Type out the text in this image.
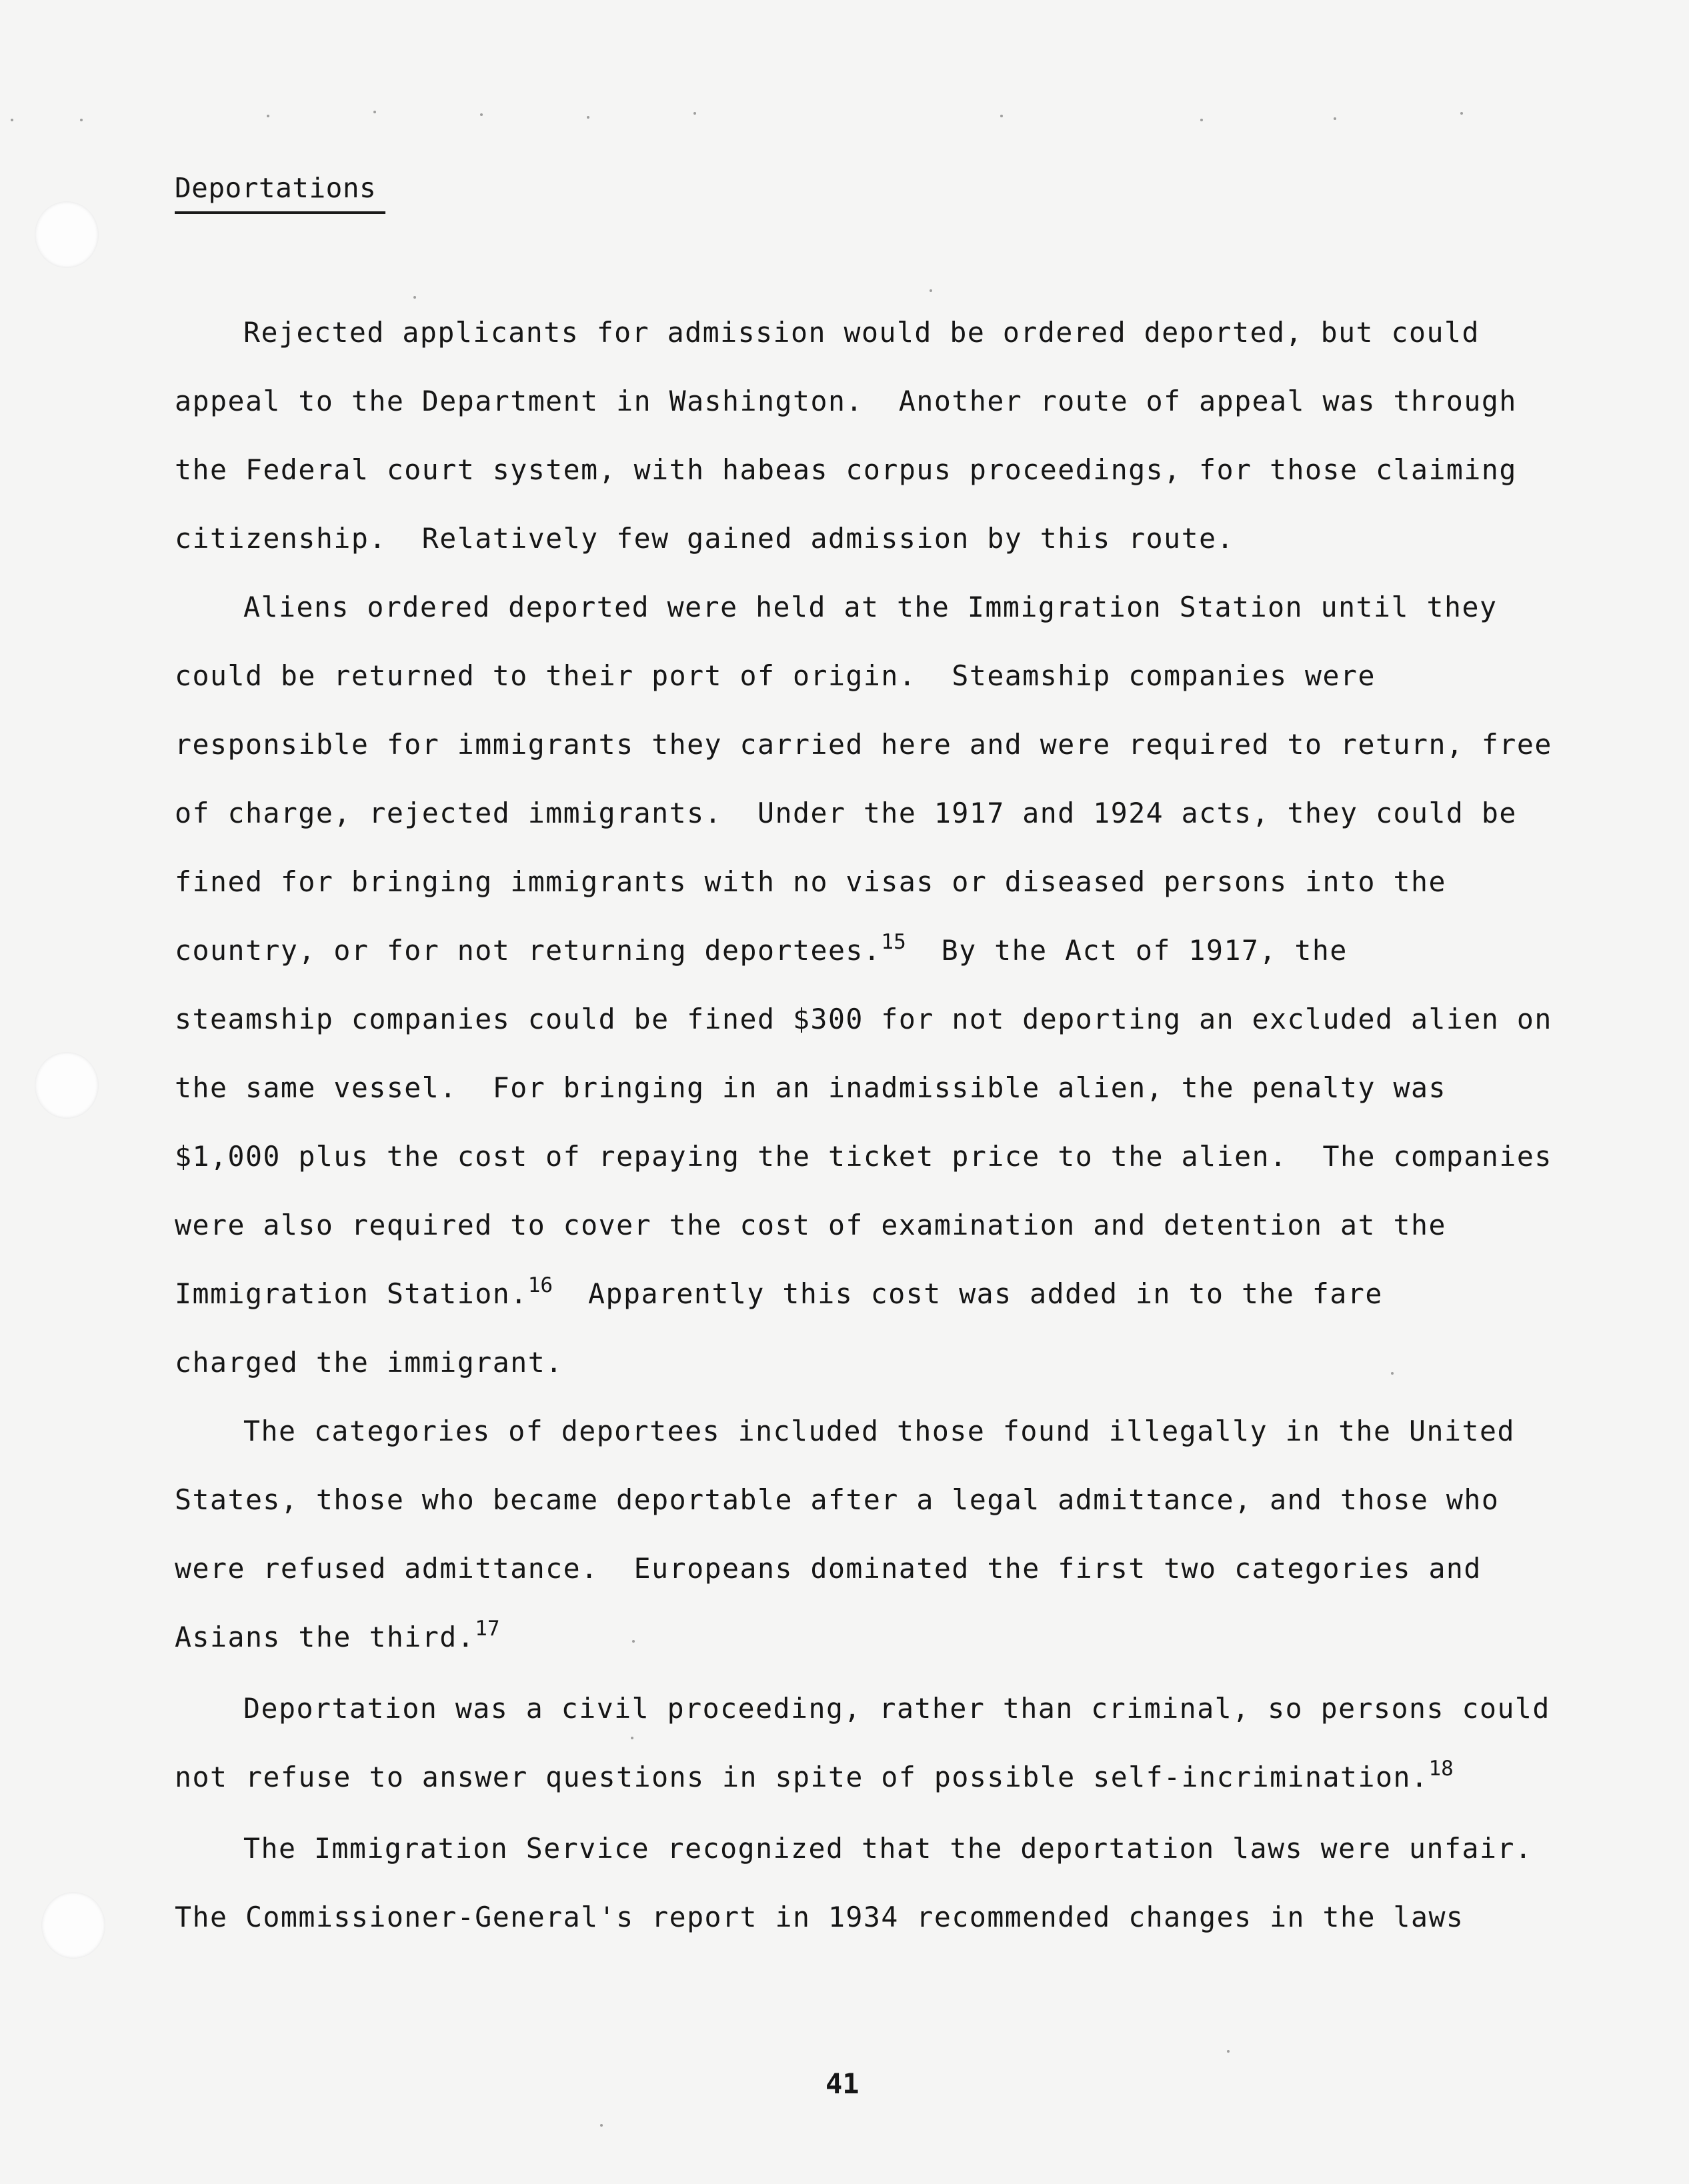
Deportations
Rejected applicants for admission would be ordered deported, but could
appeal to the Department in Washington.  Another route of appeal was through
the Federal court system, with habeas corpus proceedings, for those claiming
citizenship.  Relatively few gained admission by this route.
Aliens ordered deported were held at the Immigration Station until they
could be returned to their port of origin.  Steamship companies were
responsible for immigrants they carried here and were required to return, free
of charge, rejected immigrants.  Under the 1917 and 1924 acts, they could be
fined for bringing immigrants with no visas or diseased persons into the
country, or for not returning deportees.$^{15}$  By the Act of 1917, the
steamship companies could be fined $300 for not deporting an excluded alien on
the same vessel.  For bringing in an inadmissible alien, the penalty was
$1,000 plus the cost of repaying the ticket price to the alien.  The companies
were also required to cover the cost of examination and detention at the
Immigration Station.$^{16}$  Apparently this cost was added in to the fare
charged the immigrant.
The categories of deportees included those found illegally in the United
States, those who became deportable after a legal admittance, and those who
were refused admittance.  Europeans dominated the first two categories and
Asians the third.$^{17}$
Deportation was a civil proceeding, rather than criminal, so persons could
not refuse to answer questions in spite of possible self-incrimination.$^{18}$
The Immigration Service recognized that the deportation laws were unfair.
The Commissioner-General's report in 1934 recommended changes in the laws
41
